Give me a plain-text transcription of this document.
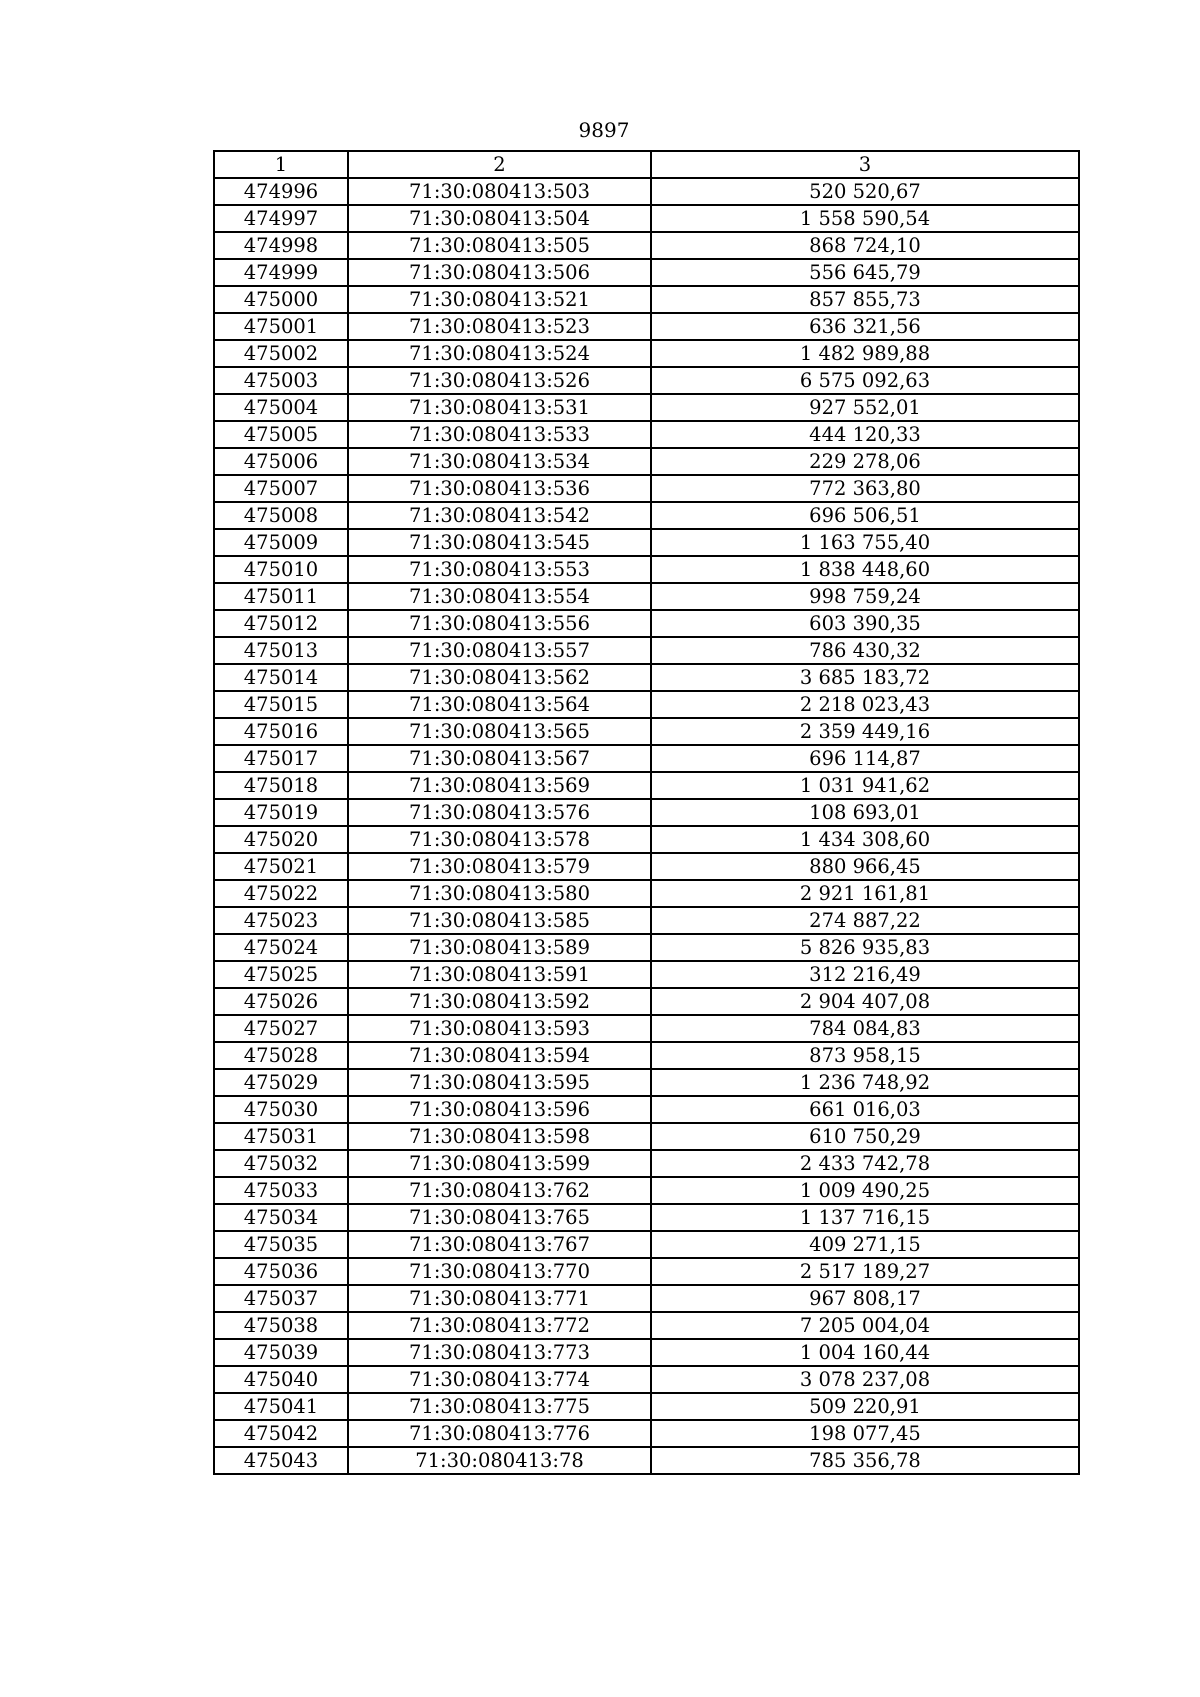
9897
1	2	3
474996	71:30:080413:503	520 520,67
474997	71:30:080413:504	1 558 590,54
474998	71:30:080413:505	868 724,10
474999	71:30:080413:506	556 645,79
475000	71:30:080413:521	857 855,73
475001	71:30:080413:523	636 321,56
475002	71:30:080413:524	1 482 989,88
475003	71:30:080413:526	6 575 092,63
475004	71:30:080413:531	927 552,01
475005	71:30:080413:533	444 120,33
475006	71:30:080413:534	229 278,06
475007	71:30:080413:536	772 363,80
475008	71:30:080413:542	696 506,51
475009	71:30:080413:545	1 163 755,40
475010	71:30:080413:553	1 838 448,60
475011	71:30:080413:554	998 759,24
475012	71:30:080413:556	603 390,35
475013	71:30:080413:557	786 430,32
475014	71:30:080413:562	3 685 183,72
475015	71:30:080413:564	2 218 023,43
475016	71:30:080413:565	2 359 449,16
475017	71:30:080413:567	696 114,87
475018	71:30:080413:569	1 031 941,62
475019	71:30:080413:576	108 693,01
475020	71:30:080413:578	1 434 308,60
475021	71:30:080413:579	880 966,45
475022	71:30:080413:580	2 921 161,81
475023	71:30:080413:585	274 887,22
475024	71:30:080413:589	5 826 935,83
475025	71:30:080413:591	312 216,49
475026	71:30:080413:592	2 904 407,08
475027	71:30:080413:593	784 084,83
475028	71:30:080413:594	873 958,15
475029	71:30:080413:595	1 236 748,92
475030	71:30:080413:596	661 016,03
475031	71:30:080413:598	610 750,29
475032	71:30:080413:599	2 433 742,78
475033	71:30:080413:762	1 009 490,25
475034	71:30:080413:765	1 137 716,15
475035	71:30:080413:767	409 271,15
475036	71:30:080413:770	2 517 189,27
475037	71:30:080413:771	967 808,17
475038	71:30:080413:772	7 205 004,04
475039	71:30:080413:773	1 004 160,44
475040	71:30:080413:774	3 078 237,08
475041	71:30:080413:775	509 220,91
475042	71:30:080413:776	198 077,45
475043	71:30:080413:78	785 356,78
